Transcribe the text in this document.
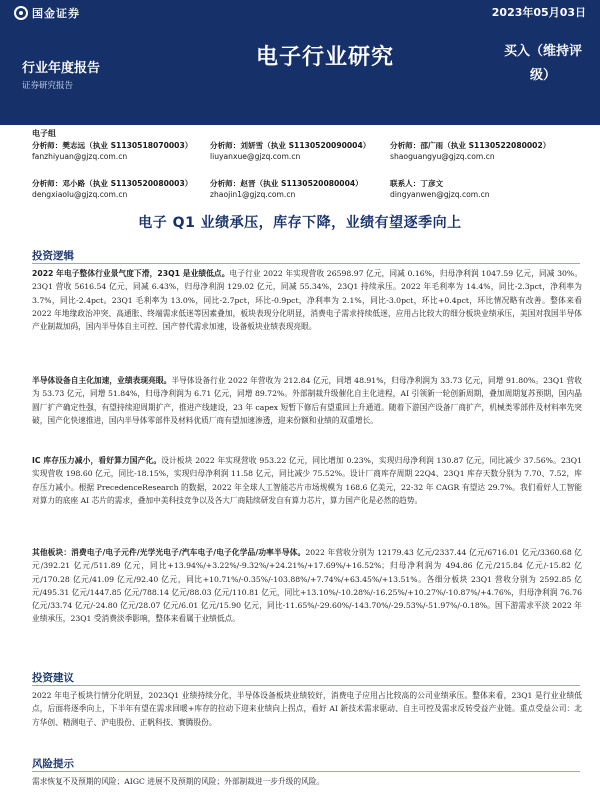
国金证券	2023年05月03日
电子行业研究
行业年度报告
证券研究报告
买入（维持评级）
电子组
分析师：樊志远（执业 S1130518070003）
fanzhiyuan@gjzq.com.cn
分析师：刘妍雪（执业 S1130520090004）
liuyanxue@gjzq.com.cn
分析师：邵广雨（执业 S1130522080002）
shaoguangyu@gjzq.com.cn
分析师：邓小路（执业 S1130520080003）
dengxiaolu@gjzq.com.cn
分析师：赵晋（执业 S1130520080004）
zhaojin1@gjzq.com.cn
联系人：丁彦文
dingyanwen@gjzq.com.cn
电子 Q1 业绩承压，库存下降，业绩有望逐季向上
投资逻辑
2022 年电子整体行业景气度下滑，23Q1 是业绩低点。电子行业 2022 年实现营收 26598.97 亿元，同减 0.16%，归母净利润 1047.59 亿元，同减 30%。23Q1 营收 5616.54 亿元，同减 6.43%，归母净利润 129.02 亿元，同减 55.34%，23Q1 持续承压。2022 年毛利率为 14.4%，同比-2.3pct，净利率为 3.7%，同比-2.4pct。23Q1 毛利率为 13.0%，同比-2.7pct，环比-0.9pct，净利率为 2.1%，同比-3.0pct，环比+0.4pct，环比情况略有改善。整体来看 2022 年地缘政治冲突、高通胀、终端需求低迷等因素叠加，板块表现分化明显，消费电子需求持续低迷，应用占比较大的细分板块业绩承压，美国对我国半导体产业制裁加码，国内半导体自主可控、国产替代需求加速，设备板块业绩表现亮眼。
半导体设备自主化加速，业绩表现亮眼。半导体设备行业 2022 年营收为 212.84 亿元，同增 48.91%，归母净利润为 33.73 亿元，同增 91.80%。23Q1 营收为 53.73 亿元，同增 51.84%，归母净利润为 6.71 亿元，同增 89.72%。外部制裁升级催化自主化进程，AI 引领新一轮创新周期，叠加周期复苏预期，国内晶圆厂扩产确定性强，有望持续迎周期扩产，推进产线建设，23 年 capex 短暂下修后有望重回上升通道。随着下游国产设备厂商扩产，机械类零部件及材料率先突破，国产化快速推进，国内半导体零部件及材料优质厂商有望加速渗透，迎来份额和业绩的双重增长。
IC 库存压力减小，看好算力国产化。设计板块 2022 年实现营收 953.22 亿元，同比增加 0.23%，实现归母净利润 130.87 亿元，同比减少 37.56%。23Q1 实现营收 198.60 亿元，同比-18.15%，实现归母净利润 11.58 亿元，同比减少 75.52%。设计厂商库存周期 22Q4、23Q1 库存天数分别为 7.70、7.52，库存压力减小。根据 PrecedenceResearch 的数据，2022 年全球人工智能芯片市场规模为 168.6 亿美元，22-32 年 CAGR 有望达 29.7%。我们看好人工智能对算力的底座 AI 芯片的需求，叠加中美科技竞争以及各大厂商陆续研发自有算力芯片，算力国产化是必然的趋势。
其他板块：消费电子/电子元件/光学光电子/汽车电子/电子化学品/功率半导体。2022 年营收分别为 12179.43 亿元/2337.44 亿元/6716.01 亿元/3360.68 亿元/392.21 亿元/511.89 亿元，同比+13.94%/+3.22%/-9.32%/+24.21%/+17.69%/+16.52%；归母净利润为 494.86 亿元/215.84 亿元/-15.82 亿元/170.28 亿元/41.09 亿元/92.40 亿元，同比+10.71%/-0.35%/-103.88%/+7.74%/+63.45%/+13.51%。各细分板块 23Q1 营收分别为 2592.85 亿元/495.31 亿元/1447.85 亿元/788.14 亿元/88.03 亿元/110.81 亿元，同比+13.10%/-10.28%/-16.25%/+10.27%/-10.87%/+4.76%，归母净利润 76.76 亿元/33.74 亿元/-24.80 亿元/28.07 亿元/6.01 亿元/15.90 亿元，同比-11.65%/-29.60%/-143.70%/-29.53%/-51.97%/-0.18%。国下游需求平淡 2022 年业绩承压，23Q1 受消费淡季影响，整体来看属于业绩低点。
投资建议
2022 年电子板块行情分化明显，2023Q1 业绩持续分化，半导体设备板块业绩较好，消费电子应用占比较高的公司业绩承压。整体来看，23Q1 是行业业绩低点，后面将逐季向上，下半年有望在需求回暖+库存的拉动下迎来业绩向上拐点，看好 AI 新技术需求驱动、自主可控及需求反转受益产业链。重点受益公司：北方华创、精测电子、沪电股份、正帆科技、赛腾股份。
风险提示
需求恢复不及预期的风险；AIGC 进展不及预期的风险；外部制裁进一步升级的风险。
